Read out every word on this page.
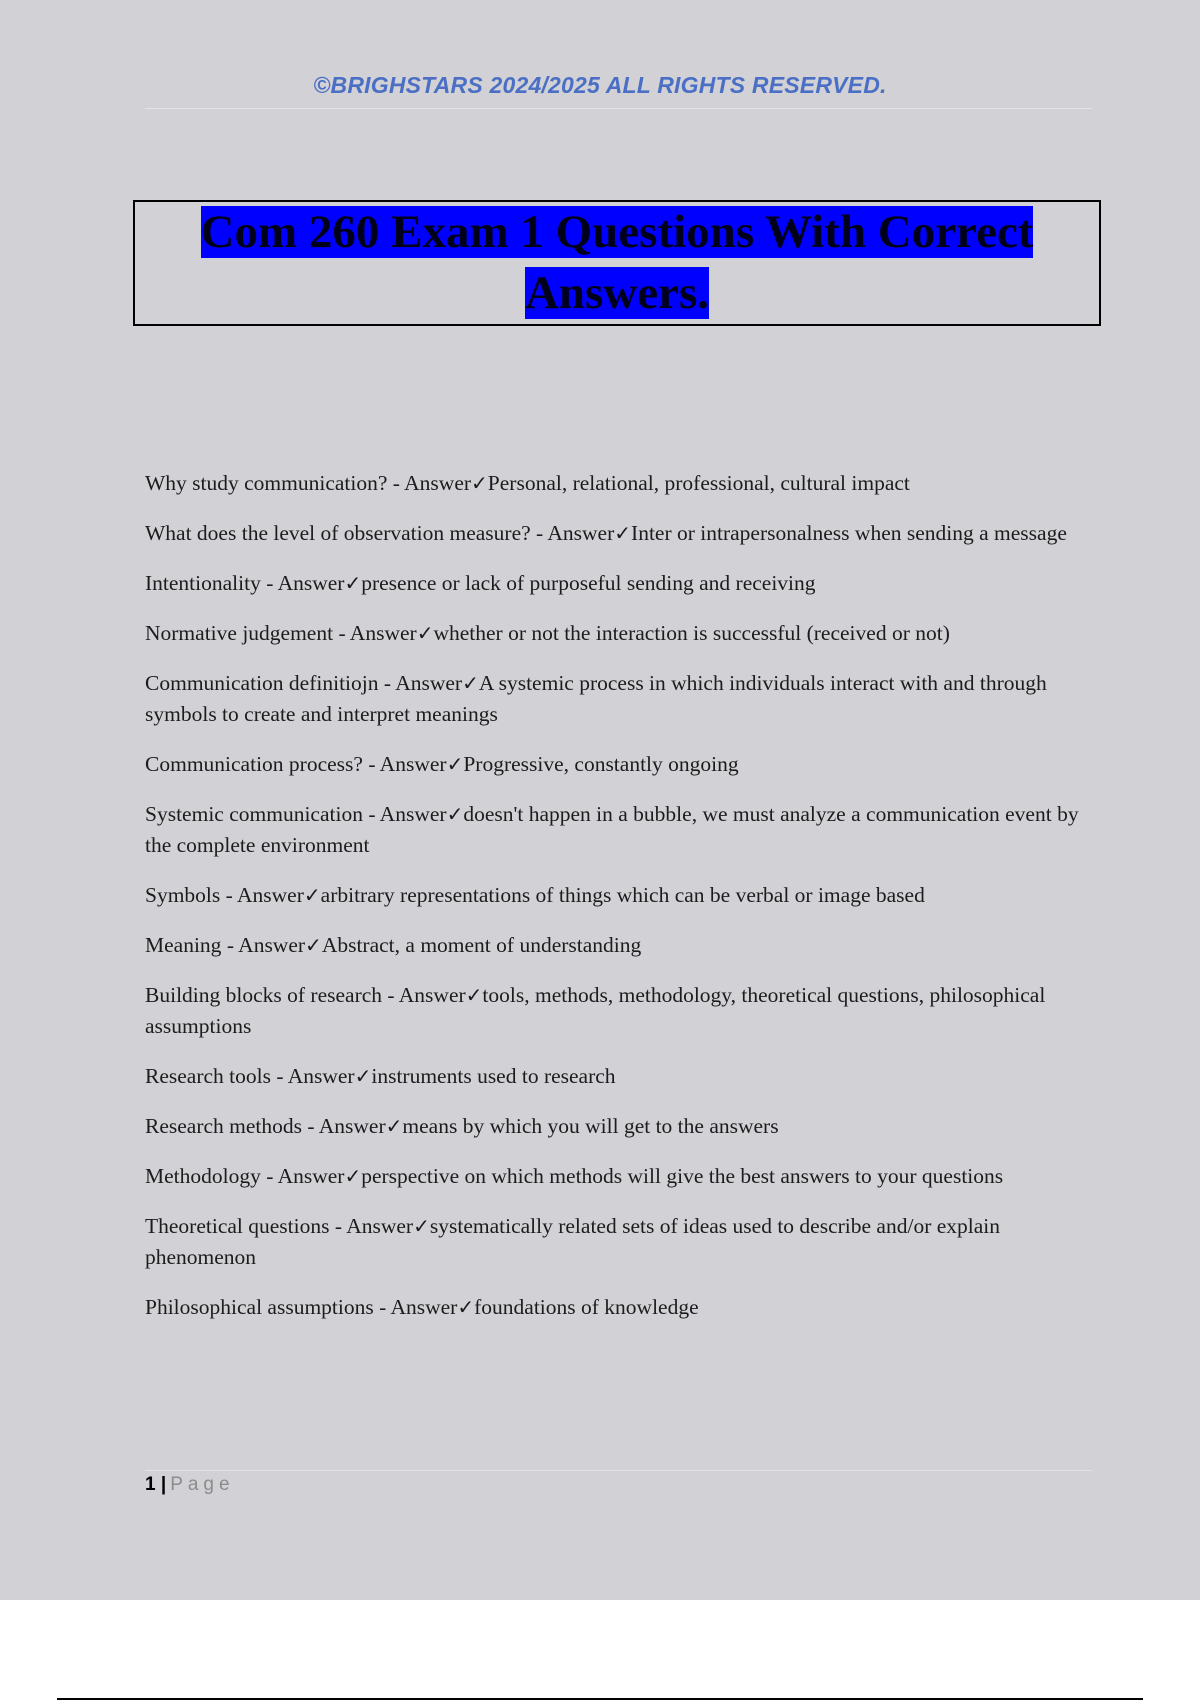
©BRIGHSTARS 2024/2025 ALL RIGHTS RESERVED.

Com 260 Exam 1 Questions With Correct Answers.

Why study communication? - Answer✓Personal, relational, professional, cultural impact
What does the level of observation measure? - Answer✓Inter or intrapersonalness when sending a message
Intentionality - Answer✓presence or lack of purposeful sending and receiving
Normative judgement - Answer✓whether or not the interaction is successful (received or not)
Communication definitiojn - Answer✓A systemic process in which individuals interact with and through symbols to create and interpret meanings
Communication process? - Answer✓Progressive, constantly ongoing
Systemic communication - Answer✓doesn't happen in a bubble, we must analyze a communication event by the complete environment
Symbols - Answer✓arbitrary representations of things which can be verbal or image based
Meaning - Answer✓Abstract, a moment of understanding
Building blocks of research - Answer✓tools, methods, methodology, theoretical questions, philosophical assumptions
Research tools - Answer✓instruments used to research
Research methods - Answer✓means by which you will get to the answers
Methodology - Answer✓perspective on which methods will give the best answers to your questions
Theoretical questions - Answer✓systematically related sets of ideas used to describe and/or explain phenomenon
Philosophical assumptions - Answer✓foundations of knowledge
1 | Page
